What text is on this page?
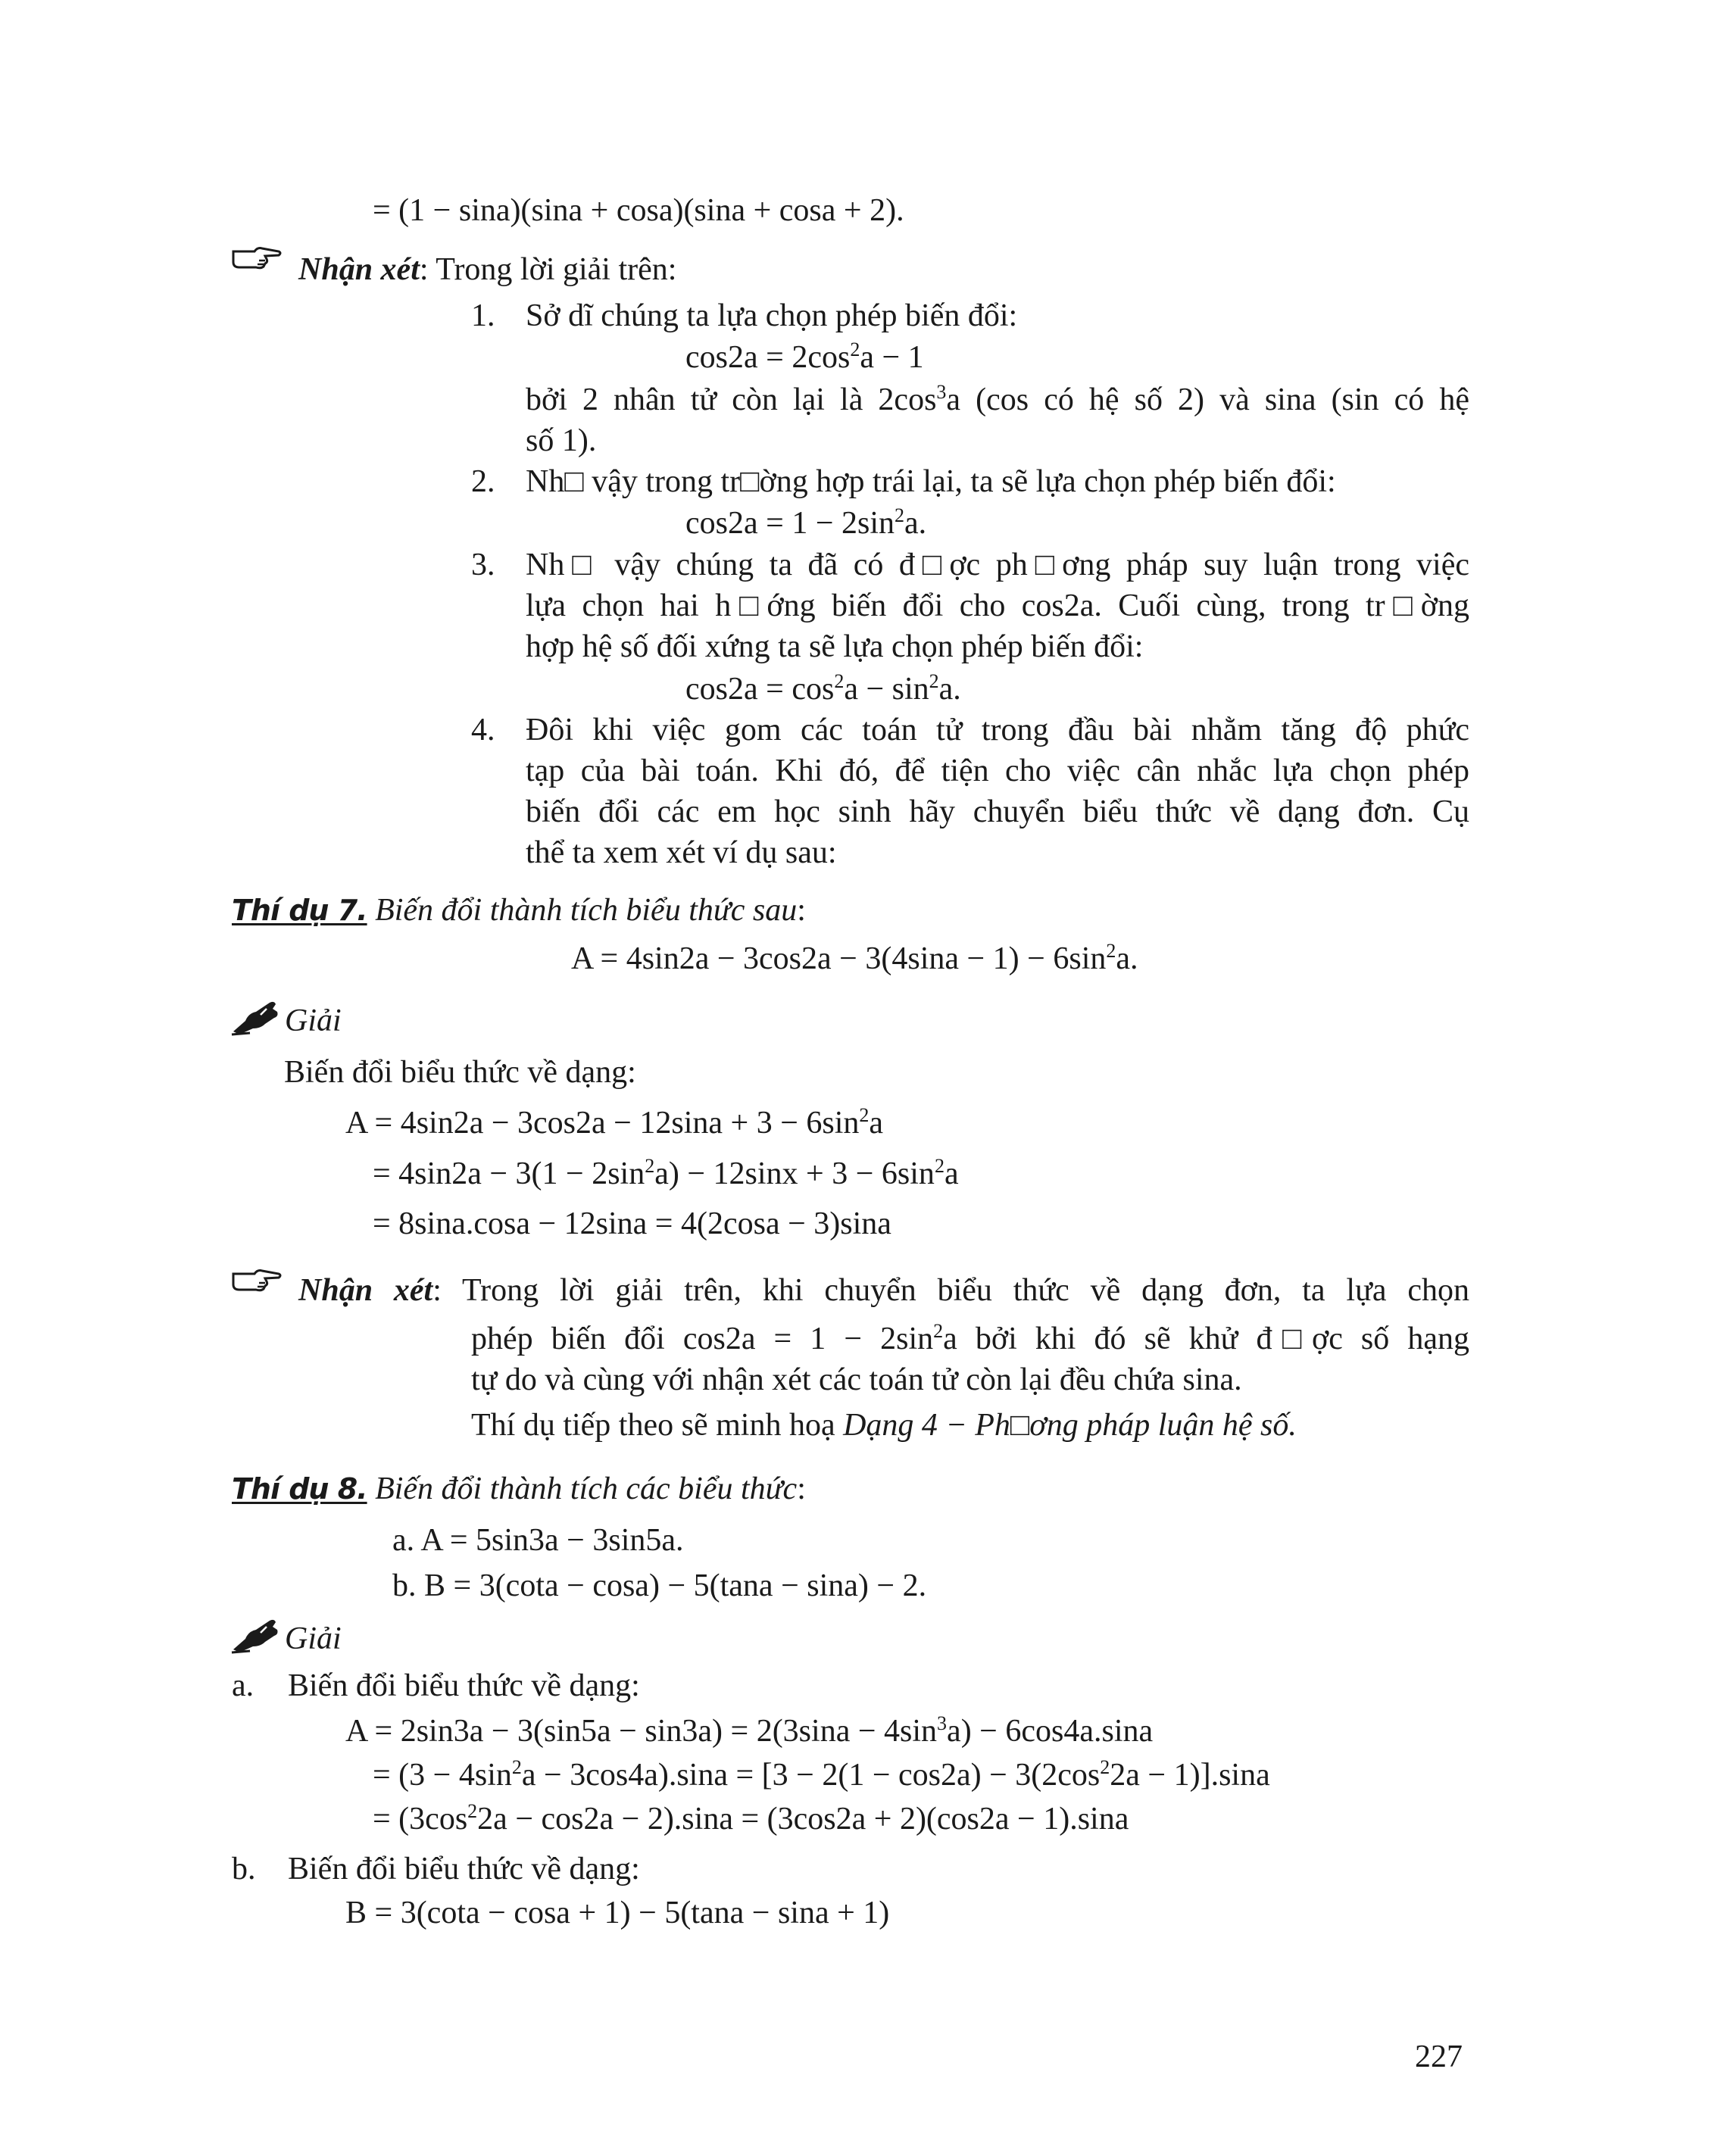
= (1 − sina)(sina + cosa)(sina + cosa + 2).
Nhận xét: Trong lời giải trên:
1. Sở dĩ chúng ta lựa chọn phép biến đổi:
$\cos 2a = 2\cos^2a - 1$
bởi 2 nhân tử còn lại là $2\cos^3a$ (cos có hệ số 2) và sina (sin có hệ
số 1).
2. Nh□ vậy trong tr□ờng hợp trái lại, ta sẽ lựa chọn phép biến đổi:
$\cos 2a = 1 - 2\sin^2a$.
3. Nh□ vậy chúng ta đã có đ□ợc ph□ơng pháp suy luận trong việc
lựa chọn hai h□ớng biến đổi cho cos2a. Cuối cùng, trong tr□ờng
hợp hệ số đối xứng ta sẽ lựa chọn phép biến đổi:
$\cos 2a = \cos^2a - \sin^2a$.
4. Đôi khi việc gom các toán tử trong đầu bài nhằm tăng độ phức
tạp của bài toán. Khi đó, để tiện cho việc cân nhắc lựa chọn phép
biến đổi các em học sinh hãy chuyển biểu thức về dạng đơn. Cụ
thể ta xem xét ví dụ sau:
Thí dụ 7. Biến đổi thành tích biểu thức sau:
$A = 4\sin 2a - 3\cos 2a - 3(4\sin a - 1) - 6\sin^2a$.
Giải
Biến đổi biểu thức về dạng:
$A = 4\sin 2a - 3\cos 2a - 12\sin a + 3 - 6\sin^2a$
= $4\sin 2a - 3(1 - 2\sin^2a) - 12\sin x + 3 - 6\sin^2a$
= 8sina.cosa − 12sina = 4(2cosa − 3)sina
Nhận xét: Trong lời giải trên, khi chuyển biểu thức về dạng đơn, ta lựa chọn
phép biến đổi $\cos 2a = 1 - 2\sin^2a$ bởi khi đó sẽ khử đ□ợc số hạng
tự do và cùng với nhận xét các toán tử còn lại đều chứa sina.
Thí dụ tiếp theo sẽ minh hoạ Dạng 4 − Ph□ơng pháp luận hệ số.
Thí dụ 8. Biến đổi thành tích các biểu thức:
a. A = 5sin3a − 3sin5a.
b. B = 3(cota − cosa) − 5(tana − sina) − 2.
Giải
a. Biến đổi biểu thức về dạng:
$A = 2\sin 3a - 3(\sin 5a - \sin 3a) = 2(3\sin a - 4\sin^3a) - 6\cos 4a.\sin a$
= $(3 - 4\sin^2a - 3\cos 4a).\sin a = [3 - 2(1 - \cos 2a) - 3(2\cos^22a - 1)].\sin a$
= $(3\cos^22a - \cos 2a - 2).\sin a = (3\cos 2a + 2)(\cos 2a - 1).\sin a$
b. Biến đổi biểu thức về dạng:
B = 3(cota − cosa + 1) − 5(tana − sina + 1)
227
